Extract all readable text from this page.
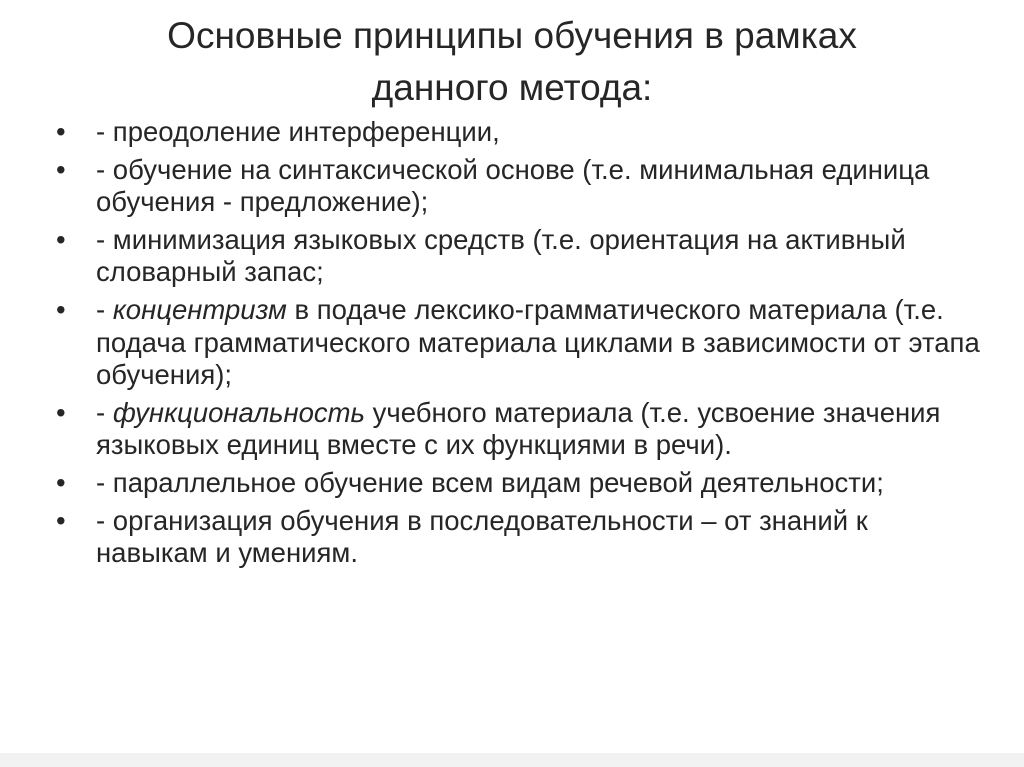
Основные принципы обучения в рамках
данного метода:
•	- преодоление интерференции,
•	- обучение на синтаксической основе (т.е. минимальная единица обучения - предложение);
•	- минимизация языковых средств (т.е. ориентация на активный словарный запас;
•	- концентризм в подаче лексико-грамматического материала (т.е. подача грамматического материала циклами в зависимости от этапа обучения);
•	- функциональность учебного материала (т.е. усвоение значения языковых единиц вместе с их функциями в речи).
•	- параллельное обучение всем видам речевой деятельности;
•	- организация обучения в последовательности – от знаний к навыкам и умениям.
